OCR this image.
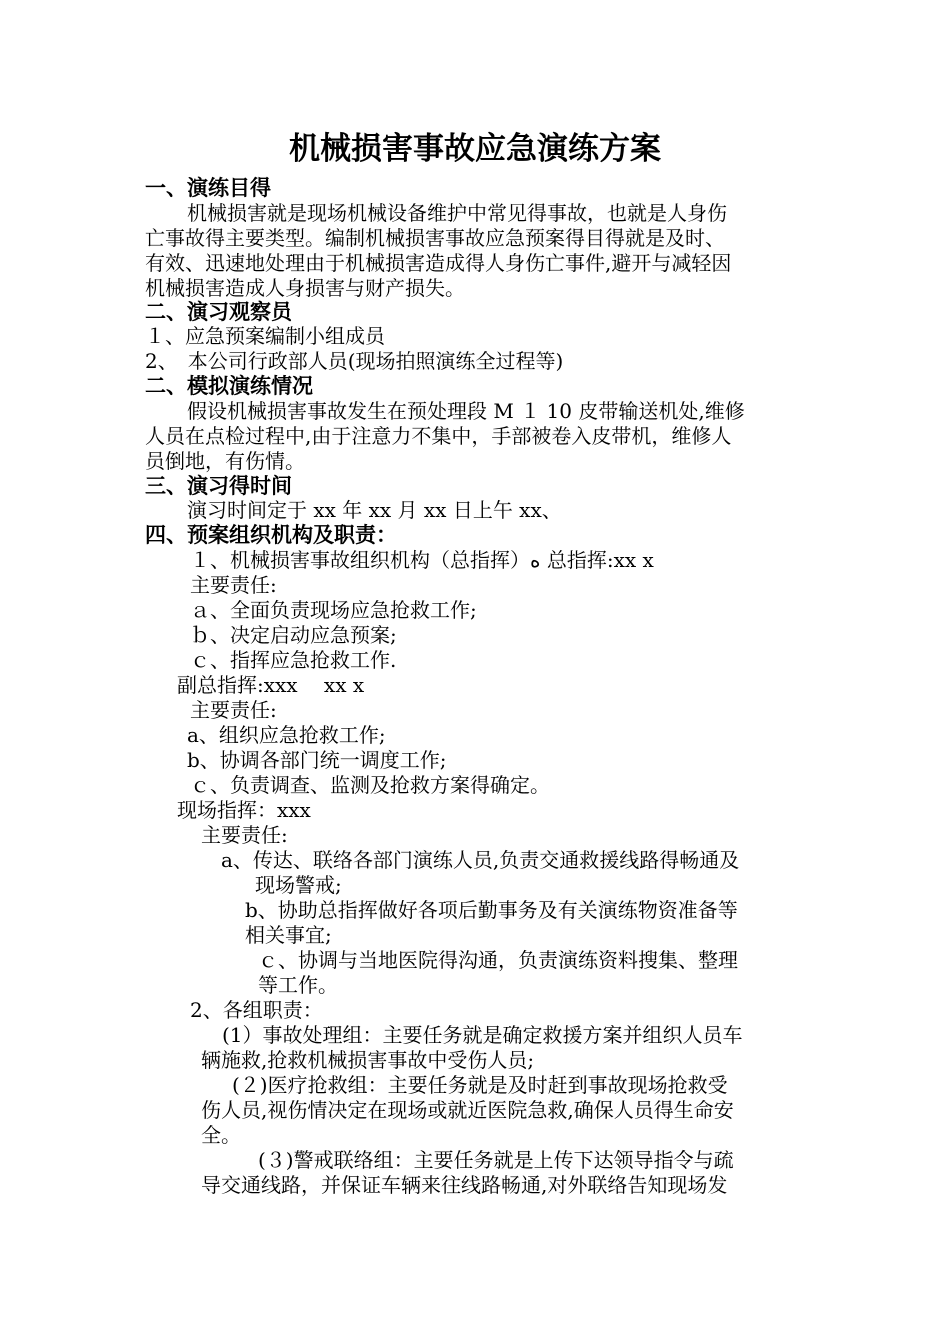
机械损害事故应急演练方案
一、演练目得
机械损害就是现场机械设备维护中常见得事故，也就是人身伤
亡事故得主要类型。编制机械损害事故应急预案得目得就是及时、
有效、迅速地处理由于机械损害造成得人身伤亡事件,避开与减轻因
机械损害造成人身损害与财产损失。
二、演习观察员
１、应急预案编制小组成员
2、　本公司行政部人员(现场拍照演练全过程等)
二、模拟演练情况
假设机械损害事故发生在预处理段 M １ 10 皮带输送机处,维修
人员在点检过程中,由于注意力不集中，手部被卷入皮带机，维修人
员倒地，有伤情。
三、演习得时间
演习时间定于 xx 年 xx 月 xx 日上午 xx、
四、预案组织机构及职责：
１、机械损害事故组织机构（总指挥）ﻩ 总指挥:xx x
主要责任:
ａ、全面负责现场应急抢救工作;
ｂ、决定启动应急预案;
ｃ、指挥应急抢救工作.
副总指挥:xxx　 xx x
主要责任:
a、组织应急抢救工作;
b、协调各部门统一调度工作;
ｃ、负责调查、监测及抢救方案得确定。
现场指挥：xxx
主要责任:
a、传达、联络各部门演练人员,负责交通救援线路得畅通及
现场警戒;
b、协助总指挥做好各项后勤事务及有关演练物资准备等
相关事宜;
ｃ、协调与当地医院得沟通，负责演练资料搜集、整理
等工作。
2、各组职责：
(1）事故处理组：主要任务就是确定救援方案并组织人员车
辆施救,抢救机械损害事故中受伤人员;
(２)医疗抢救组：主要任务就是及时赶到事故现场抢救受
伤人员,视伤情决定在现场或就近医院急救,确保人员得生命安
全。
(３)警戒联络组：主要任务就是上传下达领导指令与疏
导交通线路，并保证车辆来往线路畅通,对外联络告知现场发
